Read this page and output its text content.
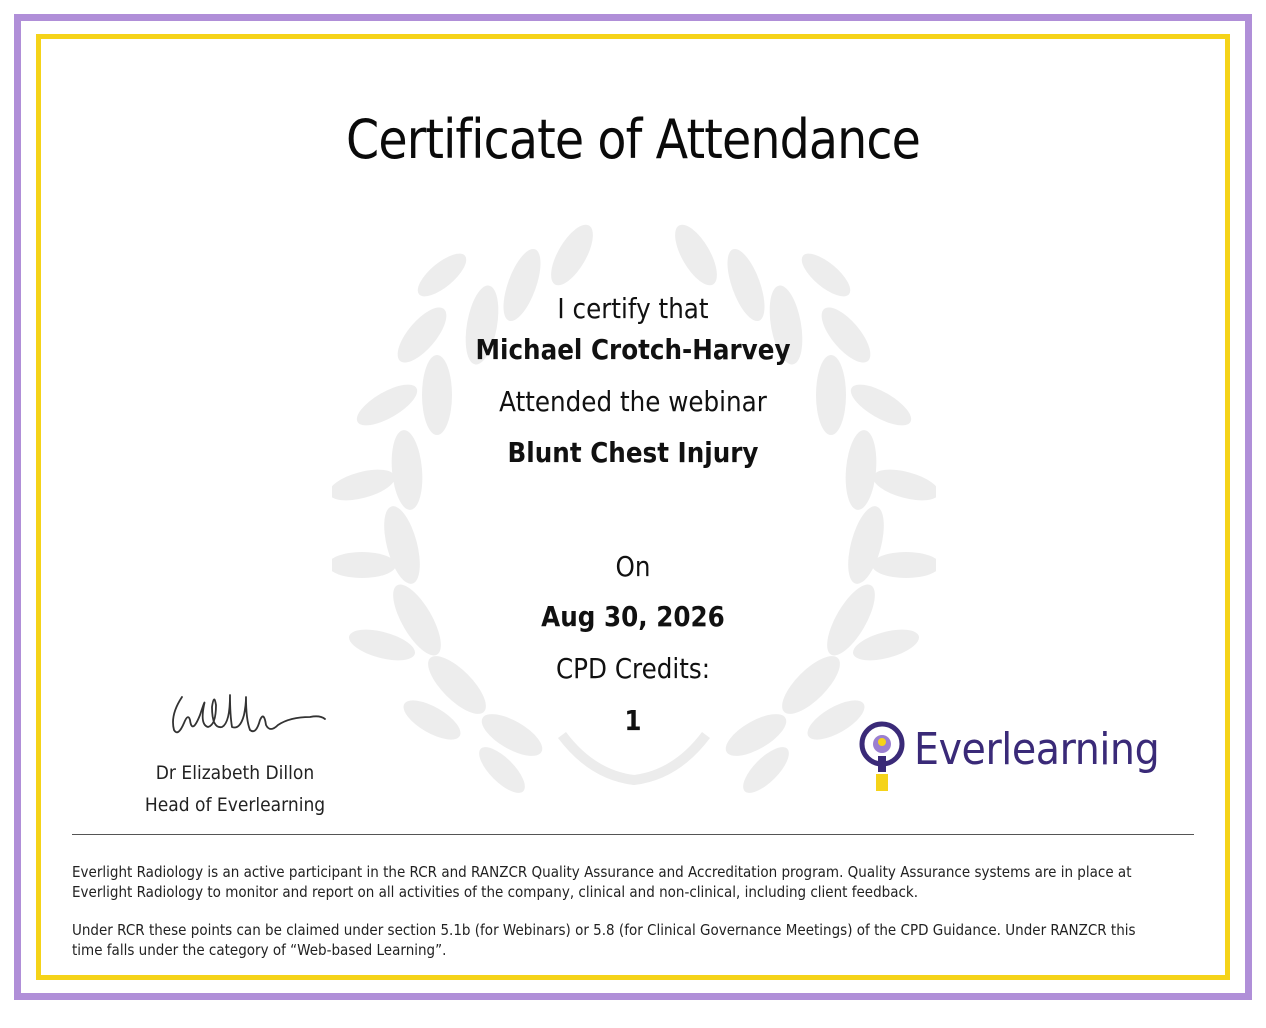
Certificate of Attendance
I certify that
Michael Crotch-Harvey
Attended the webinar
Blunt Chest Injury
On
Aug 30, 2026
CPD Credits:
1
Dr Elizabeth Dillon
Head of Everlearning
Everlearning
Everlight Radiology is an active participant in the RCR and RANZCR Quality Assurance and Accreditation program. Quality Assurance systems are in place at
Everlight Radiology to monitor and report on all activities of the company, clinical and non-clinical, including client feedback.
Under RCR these points can be claimed under section 5.1b (for Webinars) or 5.8 (for Clinical Governance Meetings) of the CPD Guidance. Under RANZCR this
time falls under the category of “Web-based Learning”.
